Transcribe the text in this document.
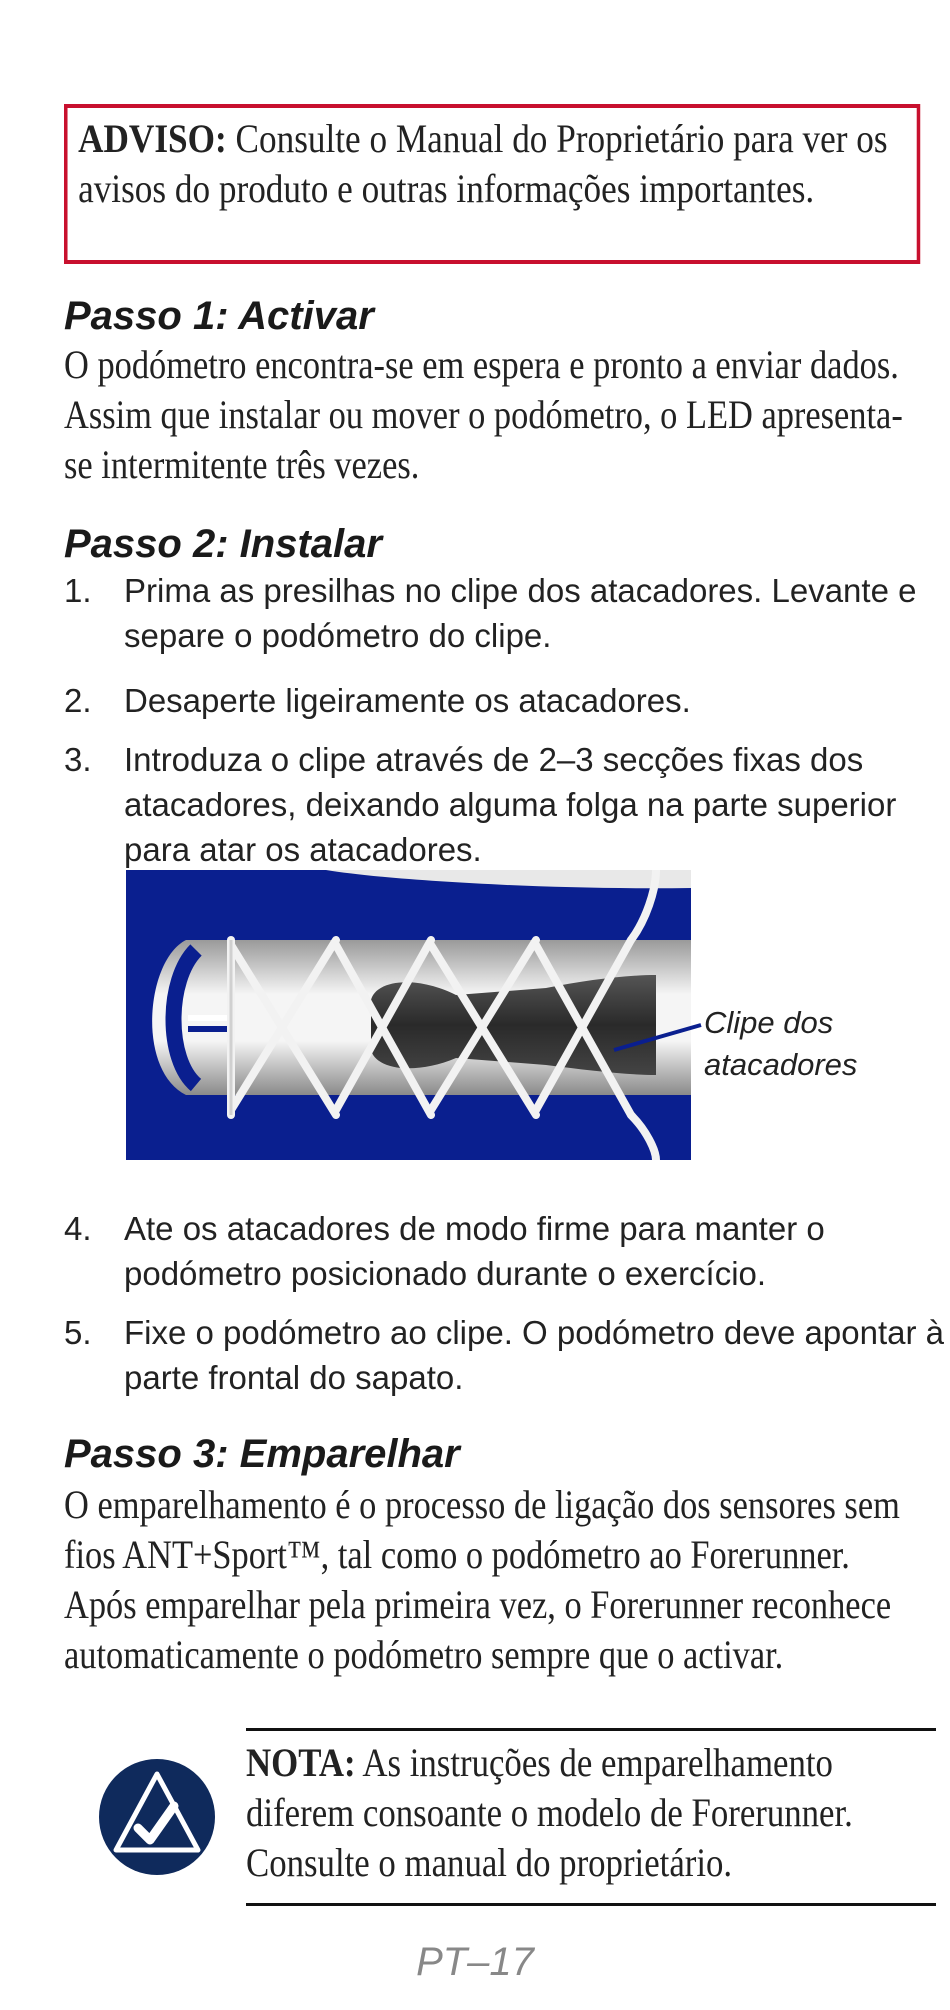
ADVISO: Consulte o Manual do Proprietário para ver os avisos do produto e outras informações importantes.
Passo 1: Activar

O podómetro encontra-se em espera e pronto a enviar dados. Assim que instalar ou mover o podómetro, o LED apresenta-se intermitente três vezes.

Passo 2: Instalar
1. Prima as presilhas no clipe dos atacadores. Levante e separe o podómetro do clipe.
2. Desaperte ligeiramente os atacadores.
3. Introduza o clipe através de 2–3 secções fixas dos atacadores, deixando alguma folga na parte superior para atar os atacadores.
Clipe dos
atacadores
4. Ate os atacadores de modo firme para manter o podómetro posicionado durante o exercício.
5. Fixe o podómetro ao clipe. O podómetro deve apontar à parte frontal do sapato.
Passo 3: Emparelhar

O emparelhamento é o processo de ligação dos sensores sem fios ANT+Sport™, tal como o podómetro ao Forerunner. Após emparelhar pela primeira vez, o Forerunner reconhece automaticamente o podómetro sempre que o activar.

NOTA: As instruções de emparelhamento diferem consoante o modelo de Forerunner. Consulte o manual do proprietário.
PT–17
